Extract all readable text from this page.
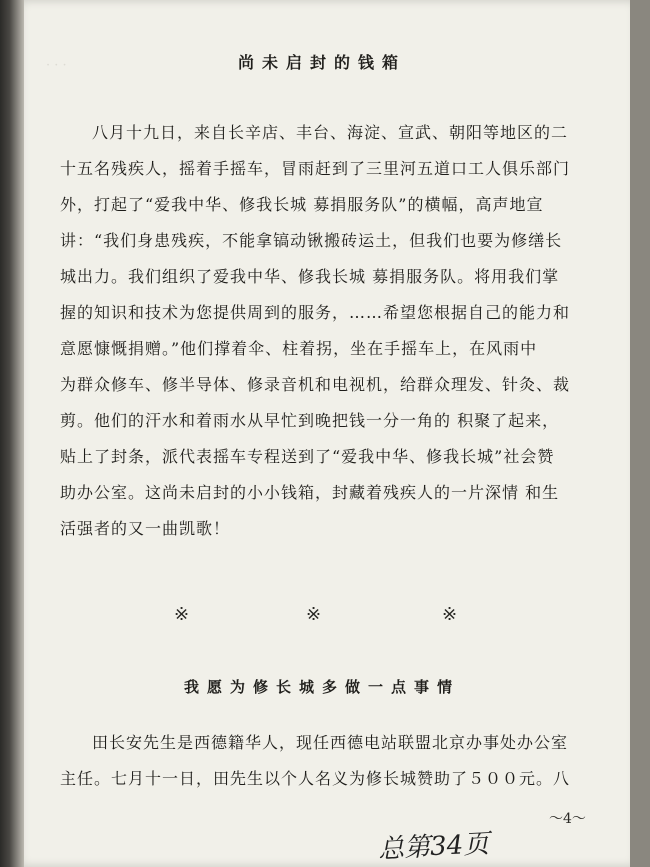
· · ·	尚未启封的钱箱
八月十九日，来自长辛店、丰台、海淀、宣武、朝阳等地区的二
十五名残疾人，摇着手摇车，冒雨赶到了三里河五道口工人俱乐部门
外，打起了“爱我中华、修我长城 募捐服务队”的横幅，高声地宣
讲：“我们身患残疾，不能拿镐动锹搬砖运土，但我们也要为修缮长
城出力。我们组织了爱我中华、修我长城 募捐服务队。将用我们掌
握的知识和技术为您提供周到的服务，……希望您根据自己的能力和
意愿慷慨捐赠。”他们撑着伞、柱着拐，坐在手摇车上，在风雨中
为群众修车、修半导体、修录音机和电视机，给群众理发、针灸、裁
剪。他们的汗水和着雨水从早忙到晚把钱一分一角的 积聚了起来，
贴上了封条，派代表摇车专程送到了“爱我中华、修我长城”社会赞
助办公室。这尚未启封的小小钱箱，封藏着残疾人的一片深情 和生
活强者的又一曲凯歌！
※	※	※
我愿为修长城多做一点事情
田长安先生是西德籍华人，现任西德电站联盟北京办事处办公室
主任。七月十一日，田先生以个人名义为修长城赞助了５００元。八
～4～
总第34页
